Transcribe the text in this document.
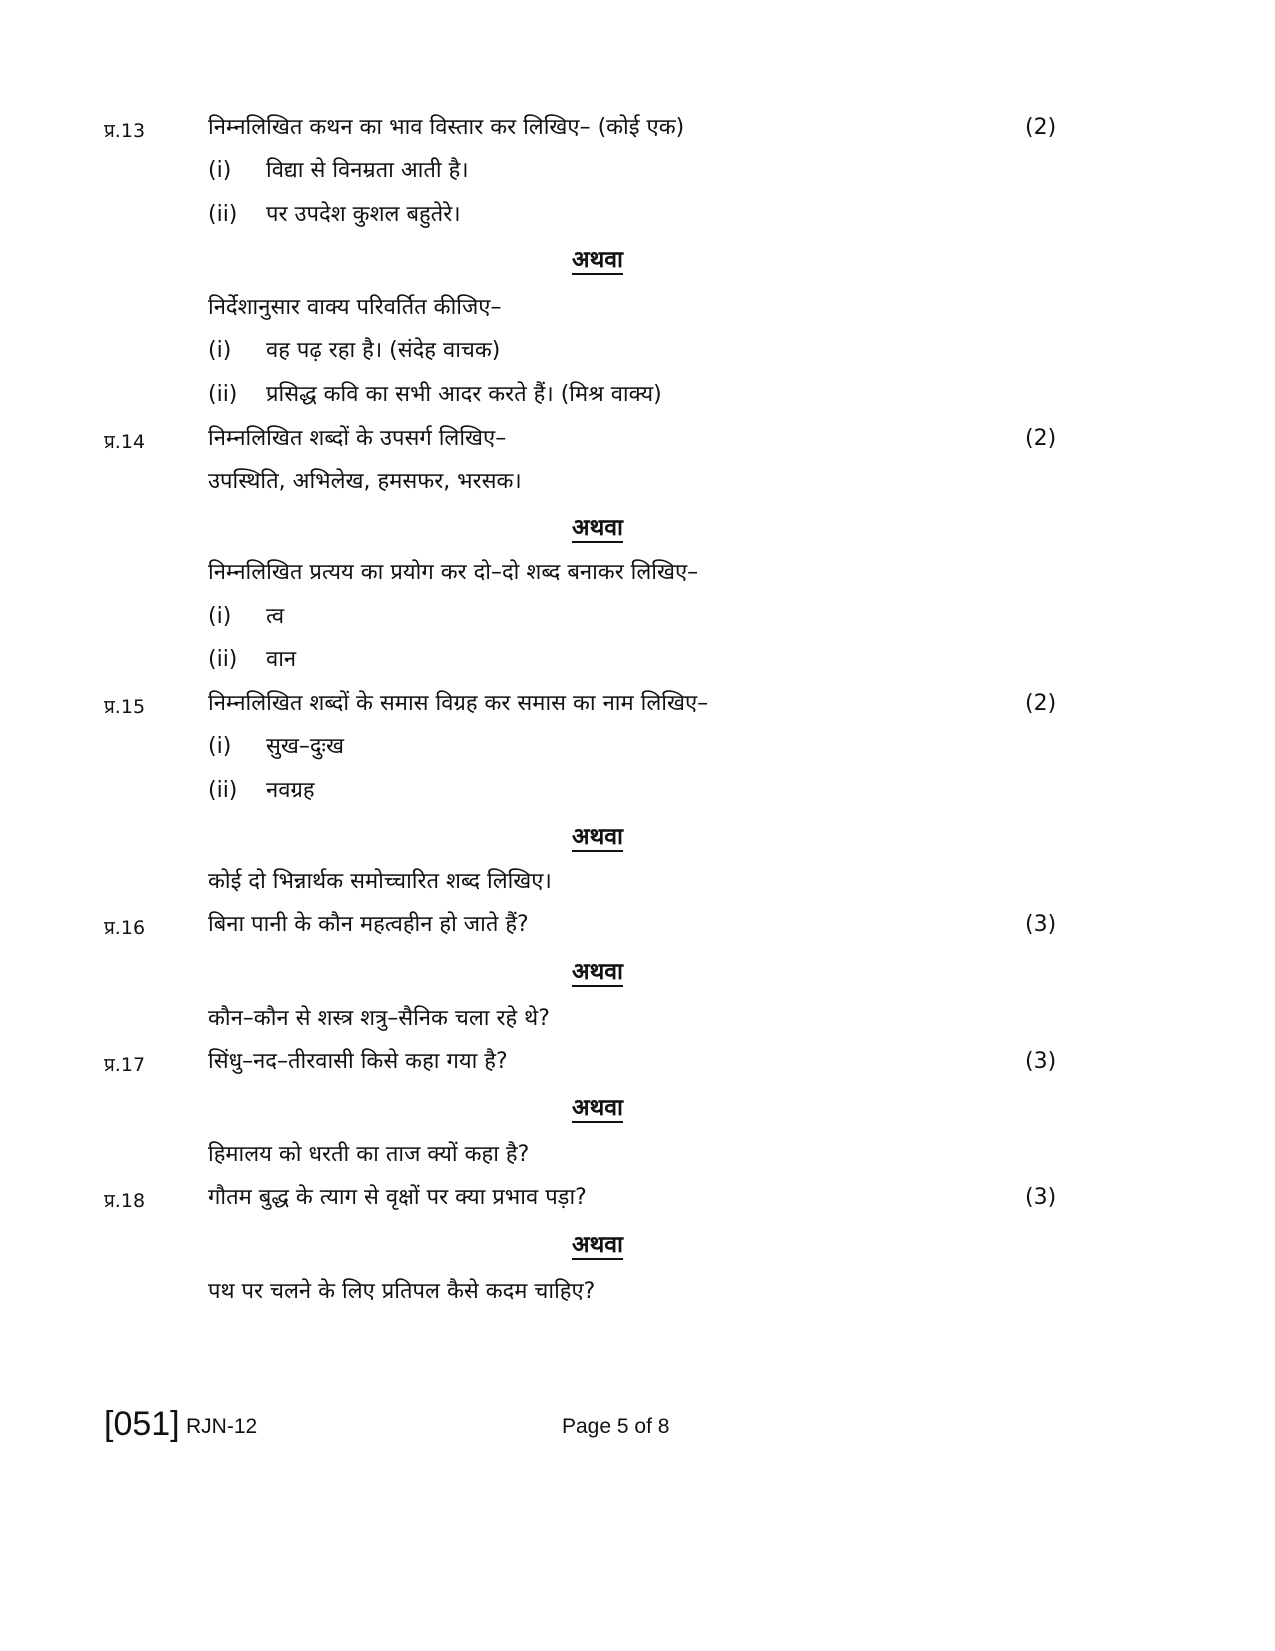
प्र.13	निम्नलिखित कथन का भाव विस्तार कर लिखिए– (कोई एक)	(2)
(i) विद्या से विनम्रता आती है।
(ii) पर उपदेश कुशल बहुतेरे।
अथवा
निर्देशानुसार वाक्य परिवर्तित कीजिए–
(i) वह पढ़ रहा है। (संदेह वाचक)
(ii) प्रसिद्ध कवि का सभी आदर करते हैं। (मिश्र वाक्य)
प्र.14	निम्नलिखित शब्दों के उपसर्ग लिखिए–	(2)
उपस्थिति, अभिलेख, हमसफर, भरसक।
अथवा
निम्नलिखित प्रत्यय का प्रयोग कर दो–दो शब्द बनाकर लिखिए–
(i) त्व
(ii) वान
प्र.15	निम्नलिखित शब्दों के समास विग्रह कर समास का नाम लिखिए–	(2)
(i) सुख–दुःख
(ii) नवग्रह
अथवा
कोई दो भिन्नार्थक समोच्चारित शब्द लिखिए।
प्र.16	बिना पानी के कौन महत्वहीन हो जाते हैं?	(3)
अथवा
कौन–कौन से शस्त्र शत्रु–सैनिक चला रहे थे?
प्र.17	सिंधु–नद–तीरवासी किसे कहा गया है?	(3)
अथवा
हिमालय को धरती का ताज क्यों कहा है?
प्र.18	गौतम बुद्ध के त्याग से वृक्षों पर क्या प्रभाव पड़ा?	(3)
अथवा
पथ पर चलने के लिए प्रतिपल कैसे कदम चाहिए?
[051] RJN-12	Page 5 of 8
